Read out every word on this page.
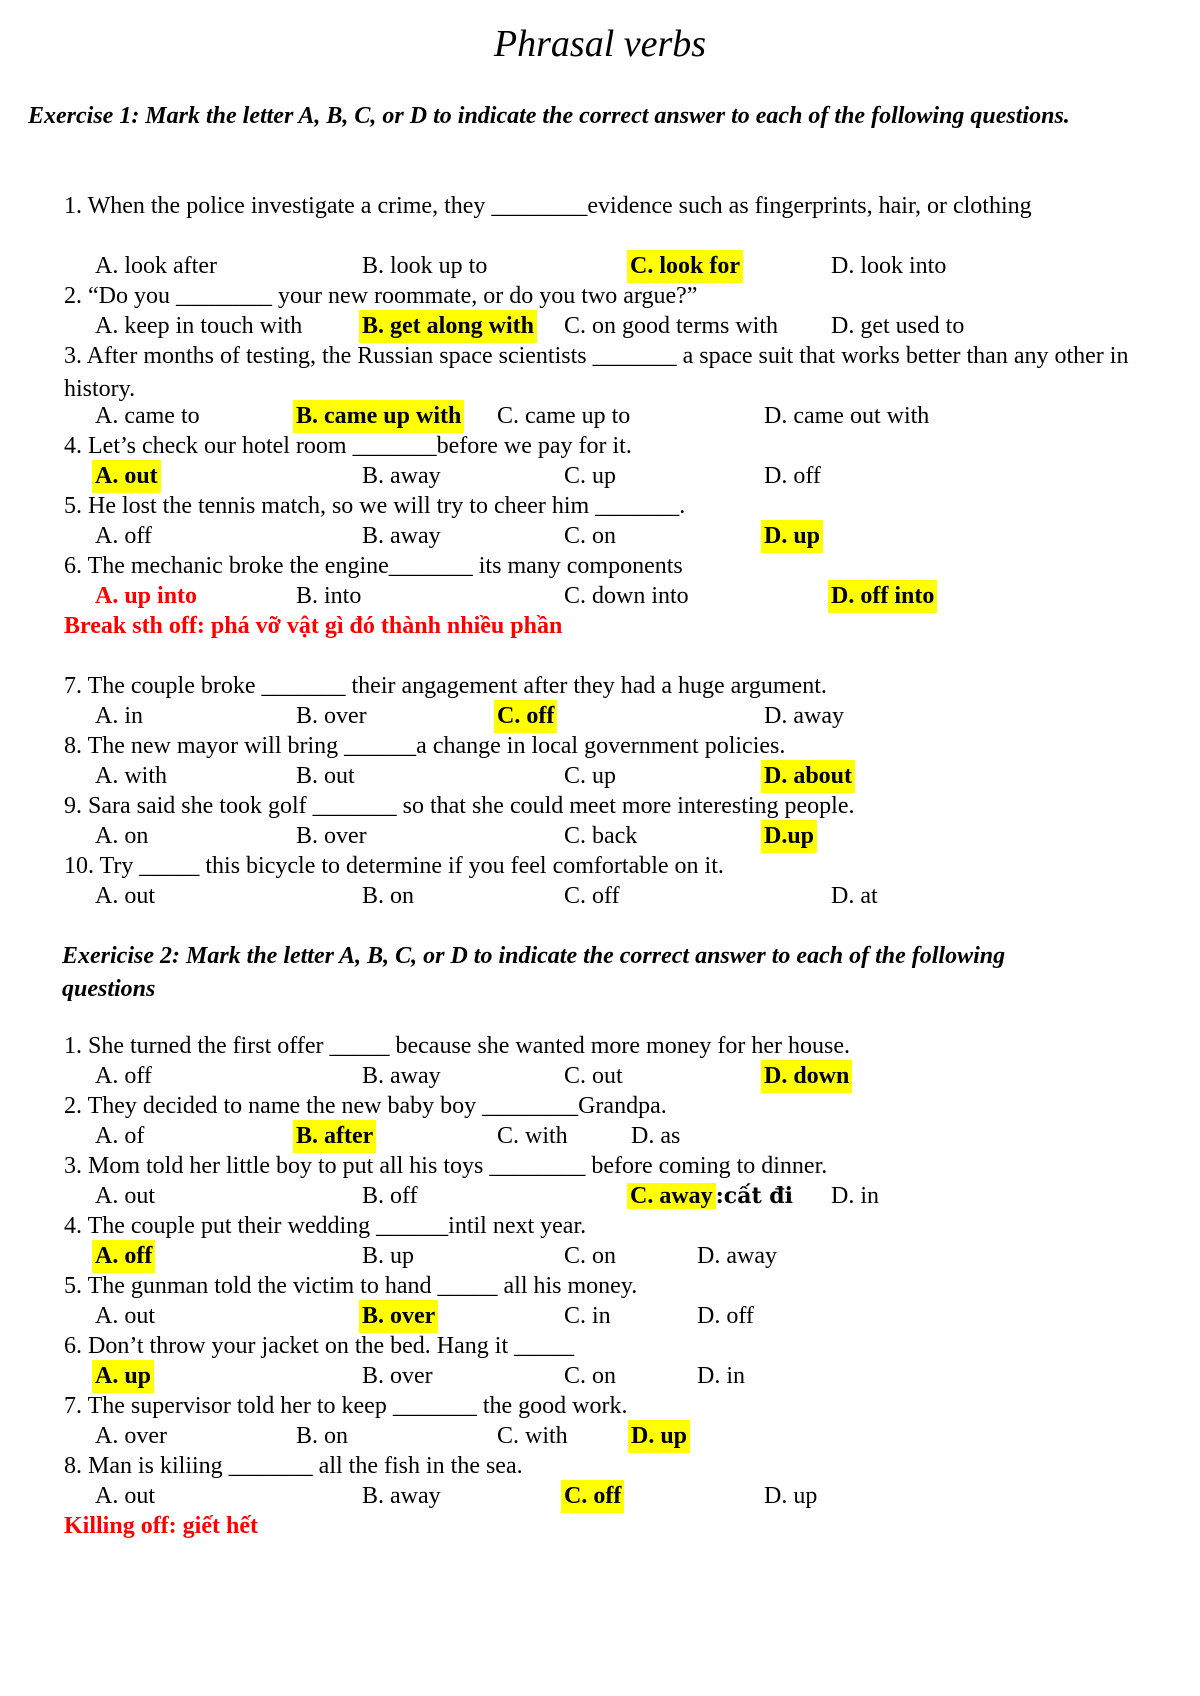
Phrasal verbs
Exercise 1: Mark the letter A, B, C, or D to indicate the correct answer to each of the following questions.
1. When the police investigate a crime, they ________evidence such as fingerprints, hair, or clothing
A. look after	B. look up to	C. look for	D. look into
2. “Do you ________ your new roommate, or do you two argue?”
A. keep in touch with B. get along with C. on good terms with D. get used to
3. After months of testing, the Russian space scientists _______ a space suit that works better than any other in history.
A. came to	B. came up with C. came up to	D. came out with
4. Let’s check our hotel room _______before we pay for it.
A. out	B. away	C. up	D. off
5. He lost the tennis match, so we will try to cheer him _______.
A. off	B. away	C. on	D. up
6. The mechanic broke the engine_______ its many components
A. up into	B. into	C. down into	D. off into
Break sth off: phá vỡ vật gì đó thành nhiều phần
7. The couple broke _______ their angagement after they had a huge argument.
A. in	B. over	C. off	D. away
8. The new mayor will bring ______a change in local government policies.
A. with	B. out	C. up	D. about
9. Sara said she took golf _______ so that she could meet more interesting people.
A. on	B. over	C. back	D.up
10. Try _____ this bicycle to determine if you feel comfortable on it.
A. out	B. on	C. off	D. at
Exericise 2: Mark the letter A, B, C, or D to indicate the correct answer to each of the following questions
1. She turned the first offer _____ because she wanted more money for her house.
A. off	B. away	C. out	D. down
2. They decided to name the new baby boy ________Grandpa.
A. of	B. after	C. with	D. as
3. Mom told her little boy to put all his toys ________ before coming to dinner.
A. out	B. off	C. away :cất đi D. in
4. The couple put their wedding ______intil next year.
A. off	B. up	C. on	D. away
5. The gunman told the victim to hand _____ all his money.
A. out	B. over	C. in	D. off
6. Don’t throw your jacket on the bed. Hang it _____
A. up	B. over	C. on	D. in
7. The supervisor told her to keep _______ the good work.
A. over	B. on	C. with	D. up
8. Man is kiliing _______ all the fish in the sea.
A. out	B. away	C. off	D. up
Killing off: giết hết
